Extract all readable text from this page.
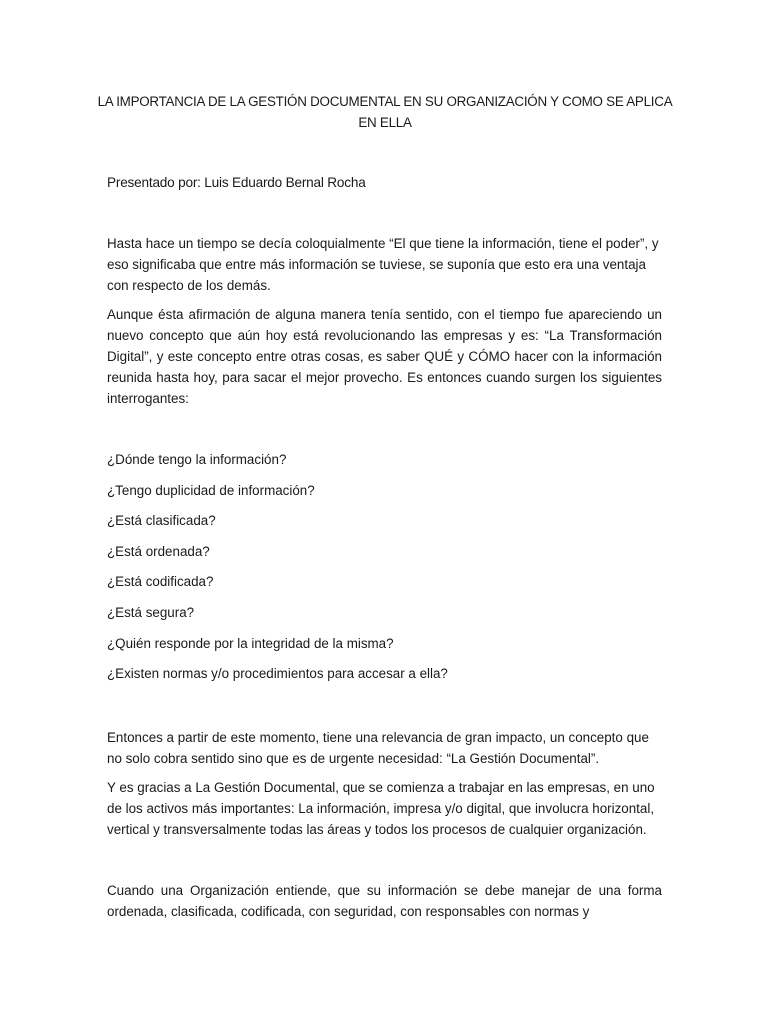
LA IMPORTANCIA DE LA GESTIÓN DOCUMENTAL EN SU ORGANIZACIÓN Y COMO SE APLICA EN ELLA
Presentado por: Luis Eduardo Bernal Rocha

Hasta hace un tiempo se decía coloquialmente “El que tiene la información, tiene el poder”, y eso significaba que entre más información se tuviese, se suponía que esto era una ventaja con respecto de los demás.

Aunque ésta afirmación de alguna manera tenía sentido, con el tiempo fue apareciendo un nuevo concepto que aún hoy está revolucionando las empresas y es: “La Transformación Digital”, y este concepto entre otras cosas, es saber QUÉ y CÓMO hacer con la información reunida hasta hoy, para sacar el mejor provecho. Es entonces cuando surgen los siguientes interrogantes:

¿Dónde tengo la información?

¿Tengo duplicidad de información?

¿Está clasificada?

¿Está ordenada?

¿Está codificada?

¿Está segura?

¿Quién responde por la integridad de la misma?

¿Existen normas y/o procedimientos para accesar a ella?

Entonces a partir de este momento, tiene una relevancia de gran impacto, un concepto que no solo cobra sentido sino que es de urgente necesidad: “La Gestión Documental”.

Y es gracias a La Gestión Documental, que se comienza a trabajar en las empresas, en uno de los activos más importantes: La información, impresa y/o digital, que involucra horizontal, vertical y transversalmente todas las áreas y todos los procesos de cualquier organización.

Cuando una Organización entiende, que su información se debe manejar de una forma ordenada, clasificada, codificada, con seguridad, con responsables con normas y
